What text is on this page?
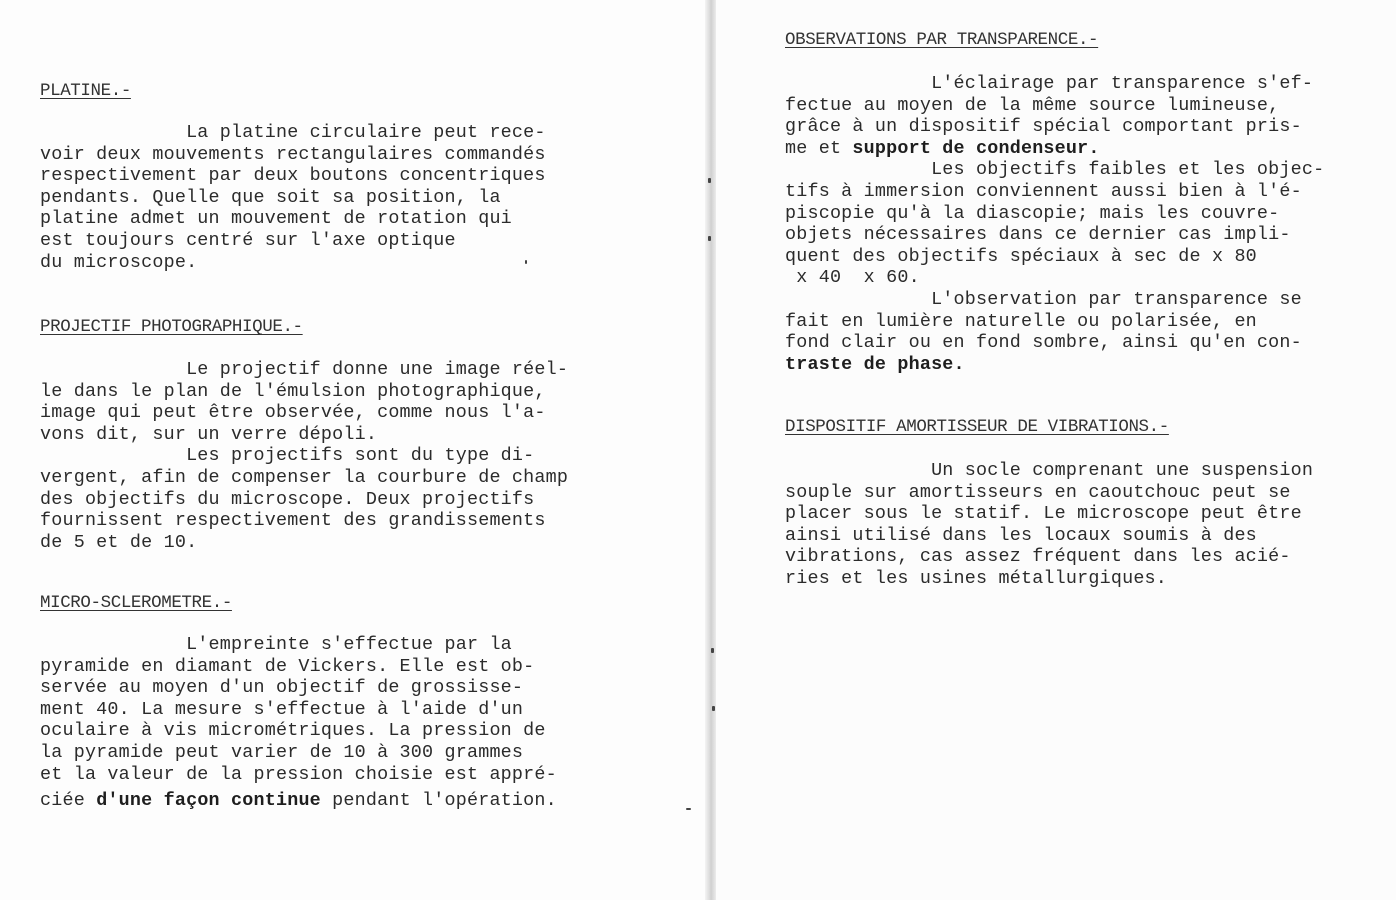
PLATINE.-
La platine circulaire peut rece-
voir deux mouvements rectangulaires commandés
respectivement par deux boutons concentriques
pendants. Quelle que soit sa position, la
platine admet un mouvement de rotation qui
est toujours centré sur l'axe optique
du microscope.
PROJECTIF PHOTOGRAPHIQUE.-
Le projectif donne une image réel-
le dans le plan de l'émulsion photographique,
image qui peut être observée, comme nous l'a-
vons dit, sur un verre dépoli.
Les projectifs sont du type di-
vergent, afin de compenser la courbure de champ
des objectifs du microscope. Deux projectifs
fournissent respectivement des grandissements
de 5 et de 10.
MICRO-SCLEROMETRE.-
L'empreinte s'effectue par la
pyramide en diamant de Vickers. Elle est ob-
servée au moyen d'un objectif de grossisse-
ment 40. La mesure s'effectue à l'aide d'un
oculaire à vis micrométriques. La pression de
la pyramide peut varier de 10 à 300 grammes
et la valeur de la pression choisie est appré-
ciée d'une façon continue pendant l'opération.
OBSERVATIONS PAR TRANSPARENCE.-
L'éclairage par transparence s'ef-
fectue au moyen de la même source lumineuse,
grâce à un dispositif spécial comportant pris-
me et support de condenseur.
Les objectifs faibles et les objec-
tifs à immersion conviennent aussi bien à l'é-
piscopie qu'à la diascopie; mais les couvre-
objets nécessaires dans ce dernier cas impli-
quent des objectifs spéciaux à sec de x 80
x 40  x 60.
L'observation par transparence se
fait en lumière naturelle ou polarisée, en
fond clair ou en fond sombre, ainsi qu'en con-
traste de phase.
DISPOSITIF AMORTISSEUR DE VIBRATIONS.-
Un socle comprenant une suspension
souple sur amortisseurs en caoutchouc peut se
placer sous le statif. Le microscope peut être
ainsi utilisé dans les locaux soumis à des
vibrations, cas assez fréquent dans les acié-
ries et les usines métallurgiques.
